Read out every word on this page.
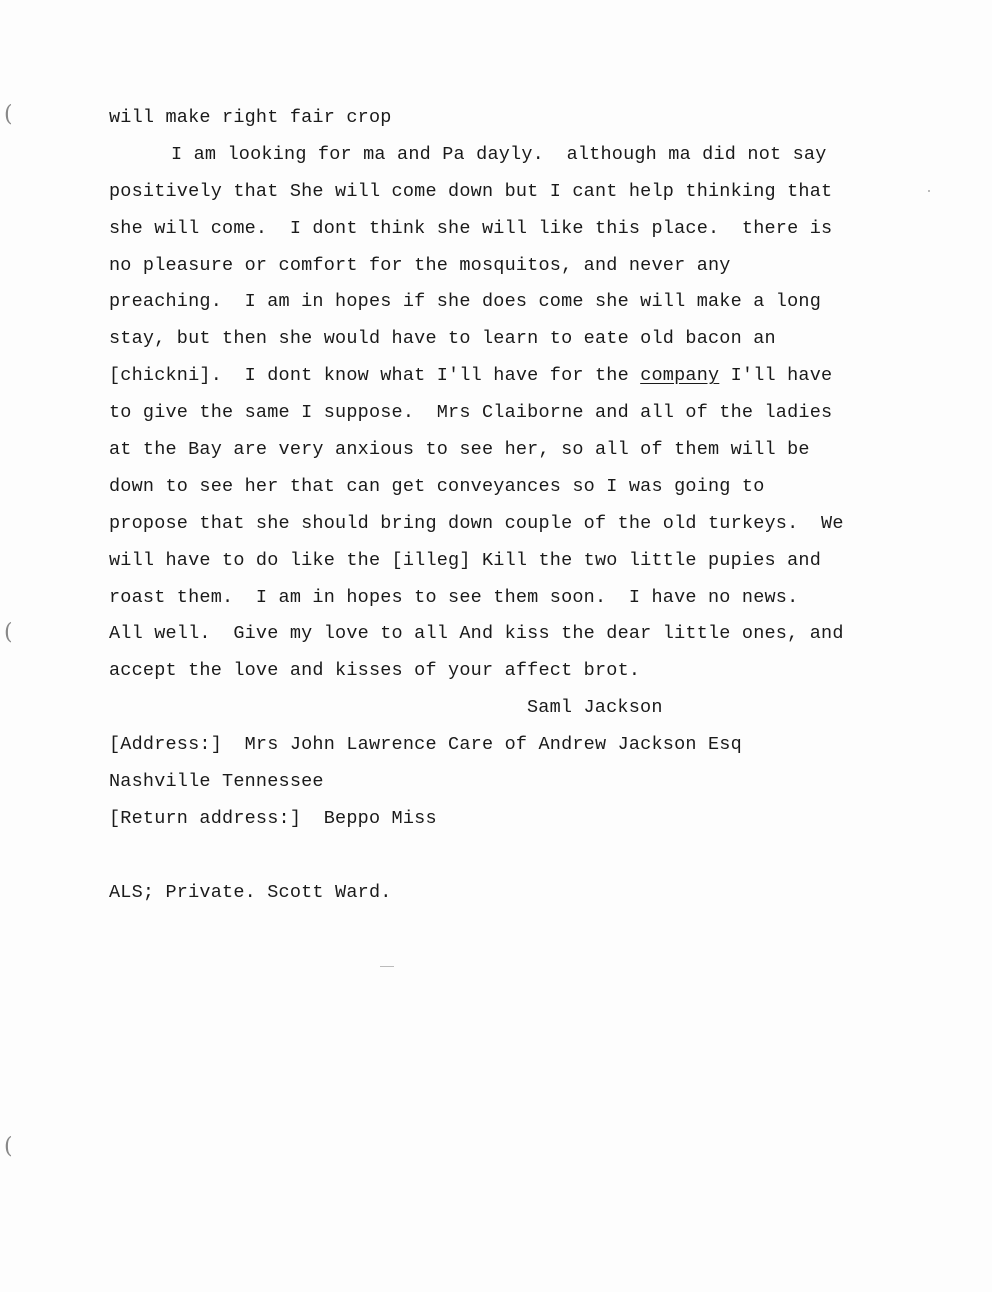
(
(
(
will make right fair crop
I am looking for ma and Pa dayly.  although ma did not say
positively that She will come down but I cant help thinking that
she will come.  I dont think she will like this place.  there is
no pleasure or comfort for the mosquitos, and never any
preaching.  I am in hopes if she does come she will make a long
stay, but then she would have to learn to eate old bacon an
[chickni].  I dont know what I'll have for the company I'll have
to give the same I suppose.  Mrs Claiborne and all of the ladies
at the Bay are very anxious to see her, so all of them will be
down to see her that can get conveyances so I was going to
propose that she should bring down couple of the old turkeys.  We
will have to do like the [illeg] Kill the two little pupies and
roast them.  I am in hopes to see them soon.  I have no news.
All well.  Give my love to all And kiss the dear little ones, and
accept the love and kisses of your affect brot.
Saml Jackson
[Address:]  Mrs John Lawrence Care of Andrew Jackson Esq
Nashville Tennessee
[Return address:]  Beppo Miss
ALS; Private. Scott Ward.
